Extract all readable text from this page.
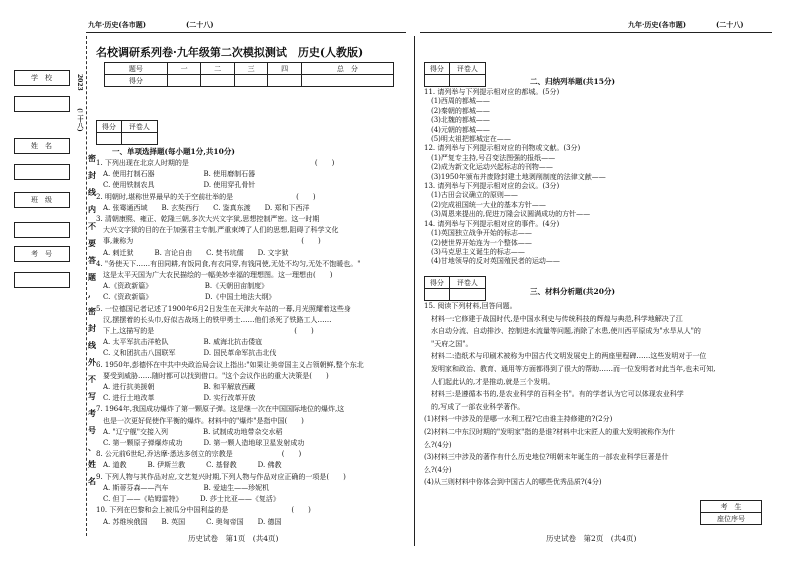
九年·历史(各市题)	(二十八)	九年·历史(各市题)	(二十八)
学　校
姓　名
班　级
考　号
2023
(二十八)
密
封
线
内
不
要
答
题
,
密
封
线
外
不
写
考
号
、
姓
名
名校调研系列卷·九年级第二次模拟测试　历史(人教版)
题号	一	二	三	四	总　分
得分					
得分	评卷人

一、单项选择题(每小题1分,共10分)
1. 下列出现在北京人时期的是　　　　　　　　　　　　　　　　　　(　　)
　A. 使用打制石器　　　　　　　B. 使用磨制石器
　C. 使用铁制农具　　　　　　　D. 使用穿孔骨针
2. 明朝时,堪称世界最早的关于空前壮举的是　　　　　　　　　(　　)
　A. 张骞通西域　　B. 玄奘西行　　C. 鉴真东渡　　D. 郑和下西洋
3. 清朝康熙、雍正、乾隆三朝,多次大兴文字狱,思想控制严密。这一时期
　大兴文字狱的目的在于加强君主专制,严重束缚了人们的思想,阻碍了科学文化
　事,兼称为　　　　　　　　　　　　　　　　　　　　　　　　(　　)
　A. 刺迁狱　　　B. 言论自由　　C. 焚书坑儒　　D. 文字狱
4. "务使天下……有田同耕,有饭同食,有衣同穿,有钱同使,无处不均匀,无处不饱暖也。"
　这是太平天国为广大农民描绘的一幅美妙幸福的理想图。这一理想由(　　)
　A.《资政新篇》　　　　　　　　B.《天朝田亩制度》
　C.《资政新篇》　　　　　　　　D.《中国土地法大纲》
5. 一位德国记者记述了1900年6月2日发生在天津火车站的一幕,月光照耀着这些身
　汉,摆摆着的长头巾,好似古战场上的铁甲勇士……他们杀死了铁路工人……
　下上,这描写的是　　　　　　　　　　　　　　　　　　　　(　　)
　A. 太平军抗击洋枪队　　　　　B. 威海北抗击倭寇
　C. 义和团抗击八国联军　　　　D. 国民革命军抗击北伐
6. 1950年,彭德怀在中共中央政治局会议上指出:"如果让美帝国主义占领朝鲜,整个东北
　要受到威胁……随时都可以找到借口。"这个会议作出的重大决策是(　　)
　A. 进行抗美援朝　　　　　　　B. 和平解放西藏
　C. 进行土地改革　　　　　　　D. 实行改革开放
7. 1964年,我国成功爆炸了第一颗原子弹。这是继一次在中国国际地位的爆炸,这
　也是一次更好促使作平衡的爆炸。材料中的"爆炸"是指中国(　　)
　A. "辽宁舰"交接入列　　　　　B. 试制成功地带杂交水稻
　C. 第一颗原子弹爆炸成功　　　D. 第一颗人造地球卫星发射成功
8. 公元前6世纪,乔达摩·悉达多创立的宗教是　　　　　　　(　　)
　A. 道教　　　B. 伊斯兰教　　　C. 基督教　　　D. 佛教
9. 下列人物与其作品对应,文艺复兴时期,下列人物与作品对应正确的一项是(　　)
　A. 斯蒂芬森——汽车　　　　　B. 爱迪生——珍妮机
　C. 但丁——《哈姆雷特》　　　D. 莎士比亚——《复活》
10. 下列在巴黎和会上被瓜分中国利益的是　　　　　　　　　(　　)
　A. 苏维埃俄国　　B. 英国　　　C. 奥匈帝国　　D. 德国
历史试卷　第1页　(共4页)
得分	评卷人

二、归纳列举题(共15分)
11. 请列举与下列提示相对应的都城。(5分)
　(1)西周的都城——
　(2)秦朝的都城——
　(3)北魏的都城——
　(4)元朝的都城——
　(5)明太祖把都城定在——
12. 请列举与下列提示相对应的刊物或文献。(3分)
　(1)严复专主持,号召变法图强的报纸——
　(2)成为新文化运动兴起标志的刊物——
　(3)1950年颁布并废除封建土地剥削制度的法律文献——
13. 请列举与下列提示相对应的会议。(3分)
　(1)古田会议确立的原则——
　(2)完成祖国统一大业的基本方针——
　(3)周恩来提出的,促进万隆会议圆满成功的方针——
14. 请列举与下列提示相对应的事件。(4分)
　(1)英国独立战争开始的标志——
　(2)使世界开始连为一个整体——
　(3)马克思主义诞生的标志——
　(4)甘地领导的反对英国殖民者的运动——
得分	评卷人

三、材料分析题(共20分)
15. 阅读下列材料,回答问题。
　材料一:它修建于战国时代,是中国水利史与传统科技的辉煌与典范,科学地解决了江
　水自动分流、自动排沙、控制进水流量等问题,消除了水患,使川西平原成为"水旱从人"的
　"天府之国"。
　材料二:造纸术与印刷术被称为中国古代文明发展史上的两座里程碑……这些发明对于一位
　发明家和政治、教育、通用等方面都得到了很大的帮助……而一位发明者对此当年,也未可知,
　人们起此认的,才是推动,就是三个发明。
　材料三:是遵循本书的,是农业科学的百科全书"。有的学者认为它可以体现农业科学
　的,写成了一部农业科学著作。
(1)材料一中涉及的是哪一水利工程?它由谁主持修建的?(2分)
(2)材料二中东汉时期的"发明家"指的是谁?材料中北宋匠人的重大发明被称作为什
么?(4分)
(3)材料三中涉及的著作有什么历史地位?明朝末年诞生的一部农业科学巨著是什
么?(4分)
(4)从三则材料中你体会到中国古人的哪些优秀品质?(4分)
考　生
座位序号
历史试卷　第2页　(共4页)
